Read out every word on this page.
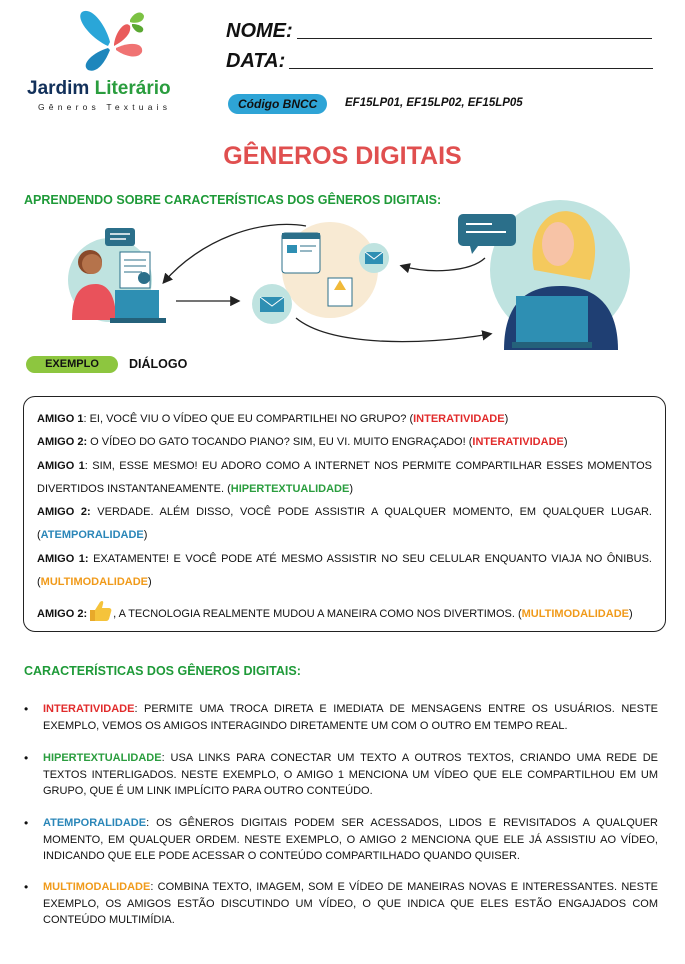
Jardim Literário
Gêneros Textuais
NOME:
DATA:
Código BNCC	EF15LP01, EF15LP02, EF15LP05
GÊNEROS DIGITAIS
APRENDENDO SOBRE CARACTERÍSTICAS DOS GÊNEROS DIGITAIS:
EXEMPLO	DIÁLOGO
AMIGO 1: EI, VOCÊ VIU O VÍDEO QUE EU COMPARTILHEI NO GRUPO? (INTERATIVIDADE)
AMIGO 2: O VÍDEO DO GATO TOCANDO PIANO? SIM, EU VI. MUITO ENGRAÇADO! (INTERATIVIDADE)
AMIGO 1: SIM, ESSE MESMO! EU ADORO COMO A INTERNET NOS PERMITE COMPARTILHAR ESSES MOMENTOS
DIVERTIDOS INSTANTANEAMENTE. (HIPERTEXTUALIDADE)
AMIGO 2: VERDADE. ALÉM DISSO, VOCÊ PODE ASSISTIR A QUALQUER MOMENTO, EM QUALQUER LUGAR.
(ATEMPORALIDADE)
AMIGO 1: EXATAMENTE! E VOCÊ PODE ATÉ MESMO ASSISTIR NO SEU CELULAR ENQUANTO VIAJA NO ÔNIBUS.
(MULTIMODALIDADE)
AMIGO 2: , A TECNOLOGIA REALMENTE MUDOU A MANEIRA COMO NOS DIVERTIMOS. (MULTIMODALIDADE)
CARACTERÍSTICAS DOS GÊNEROS DIGITAIS:
• INTERATIVIDADE: PERMITE UMA TROCA DIRETA E IMEDIATA DE MENSAGENS ENTRE OS USUÁRIOS. NESTE EXEMPLO, VEMOS OS AMIGOS INTERAGINDO DIRETAMENTE UM COM O OUTRO EM TEMPO REAL.
• HIPERTEXTUALIDADE: USA LINKS PARA CONECTAR UM TEXTO A OUTROS TEXTOS, CRIANDO UMA REDE DE TEXTOS INTERLIGADOS. NESTE EXEMPLO, O AMIGO 1 MENCIONA UM VÍDEO QUE ELE COMPARTILHOU EM UM GRUPO, QUE É UM LINK IMPLÍCITO PARA OUTRO CONTEÚDO.
• ATEMPORALIDADE: OS GÊNEROS DIGITAIS PODEM SER ACESSADOS, LIDOS E REVISITADOS A QUALQUER MOMENTO, EM QUALQUER ORDEM. NESTE EXEMPLO, O AMIGO 2 MENCIONA QUE ELE JÁ ASSISTIU AO VÍDEO, INDICANDO QUE ELE PODE ACESSAR O CONTEÚDO COMPARTILHADO QUANDO QUISER.
• MULTIMODALIDADE: COMBINA TEXTO, IMAGEM, SOM E VÍDEO DE MANEIRAS NOVAS E INTERESSANTES. NESTE EXEMPLO, OS AMIGOS ESTÃO DISCUTINDO UM VÍDEO, O QUE INDICA QUE ELES ESTÃO ENGAJADOS COM CONTEÚDO MULTIMÍDIA.
